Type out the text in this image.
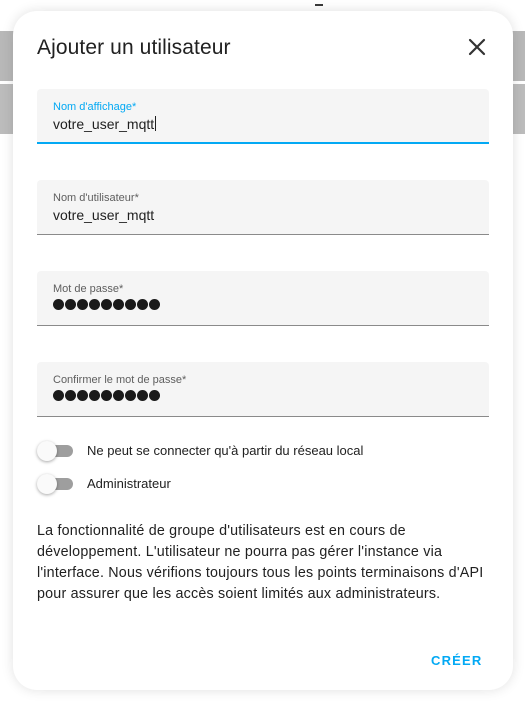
Ajouter un utilisateur
Nom d'affichage*
votre_user_mqtt
Nom d'utilisateur*
votre_user_mqtt
Mot de passe*
Confirmer le mot de passe*
Ne peut se connecter qu'à partir du réseau local
Administrateur
La fonctionnalité de groupe d'utilisateurs est en cours de développement. L'utilisateur ne pourra pas gérer l'instance via l'interface. Nous vérifions toujours tous les points terminaisons d'API pour assurer que les accès soient limités aux administrateurs.
CRÉER
